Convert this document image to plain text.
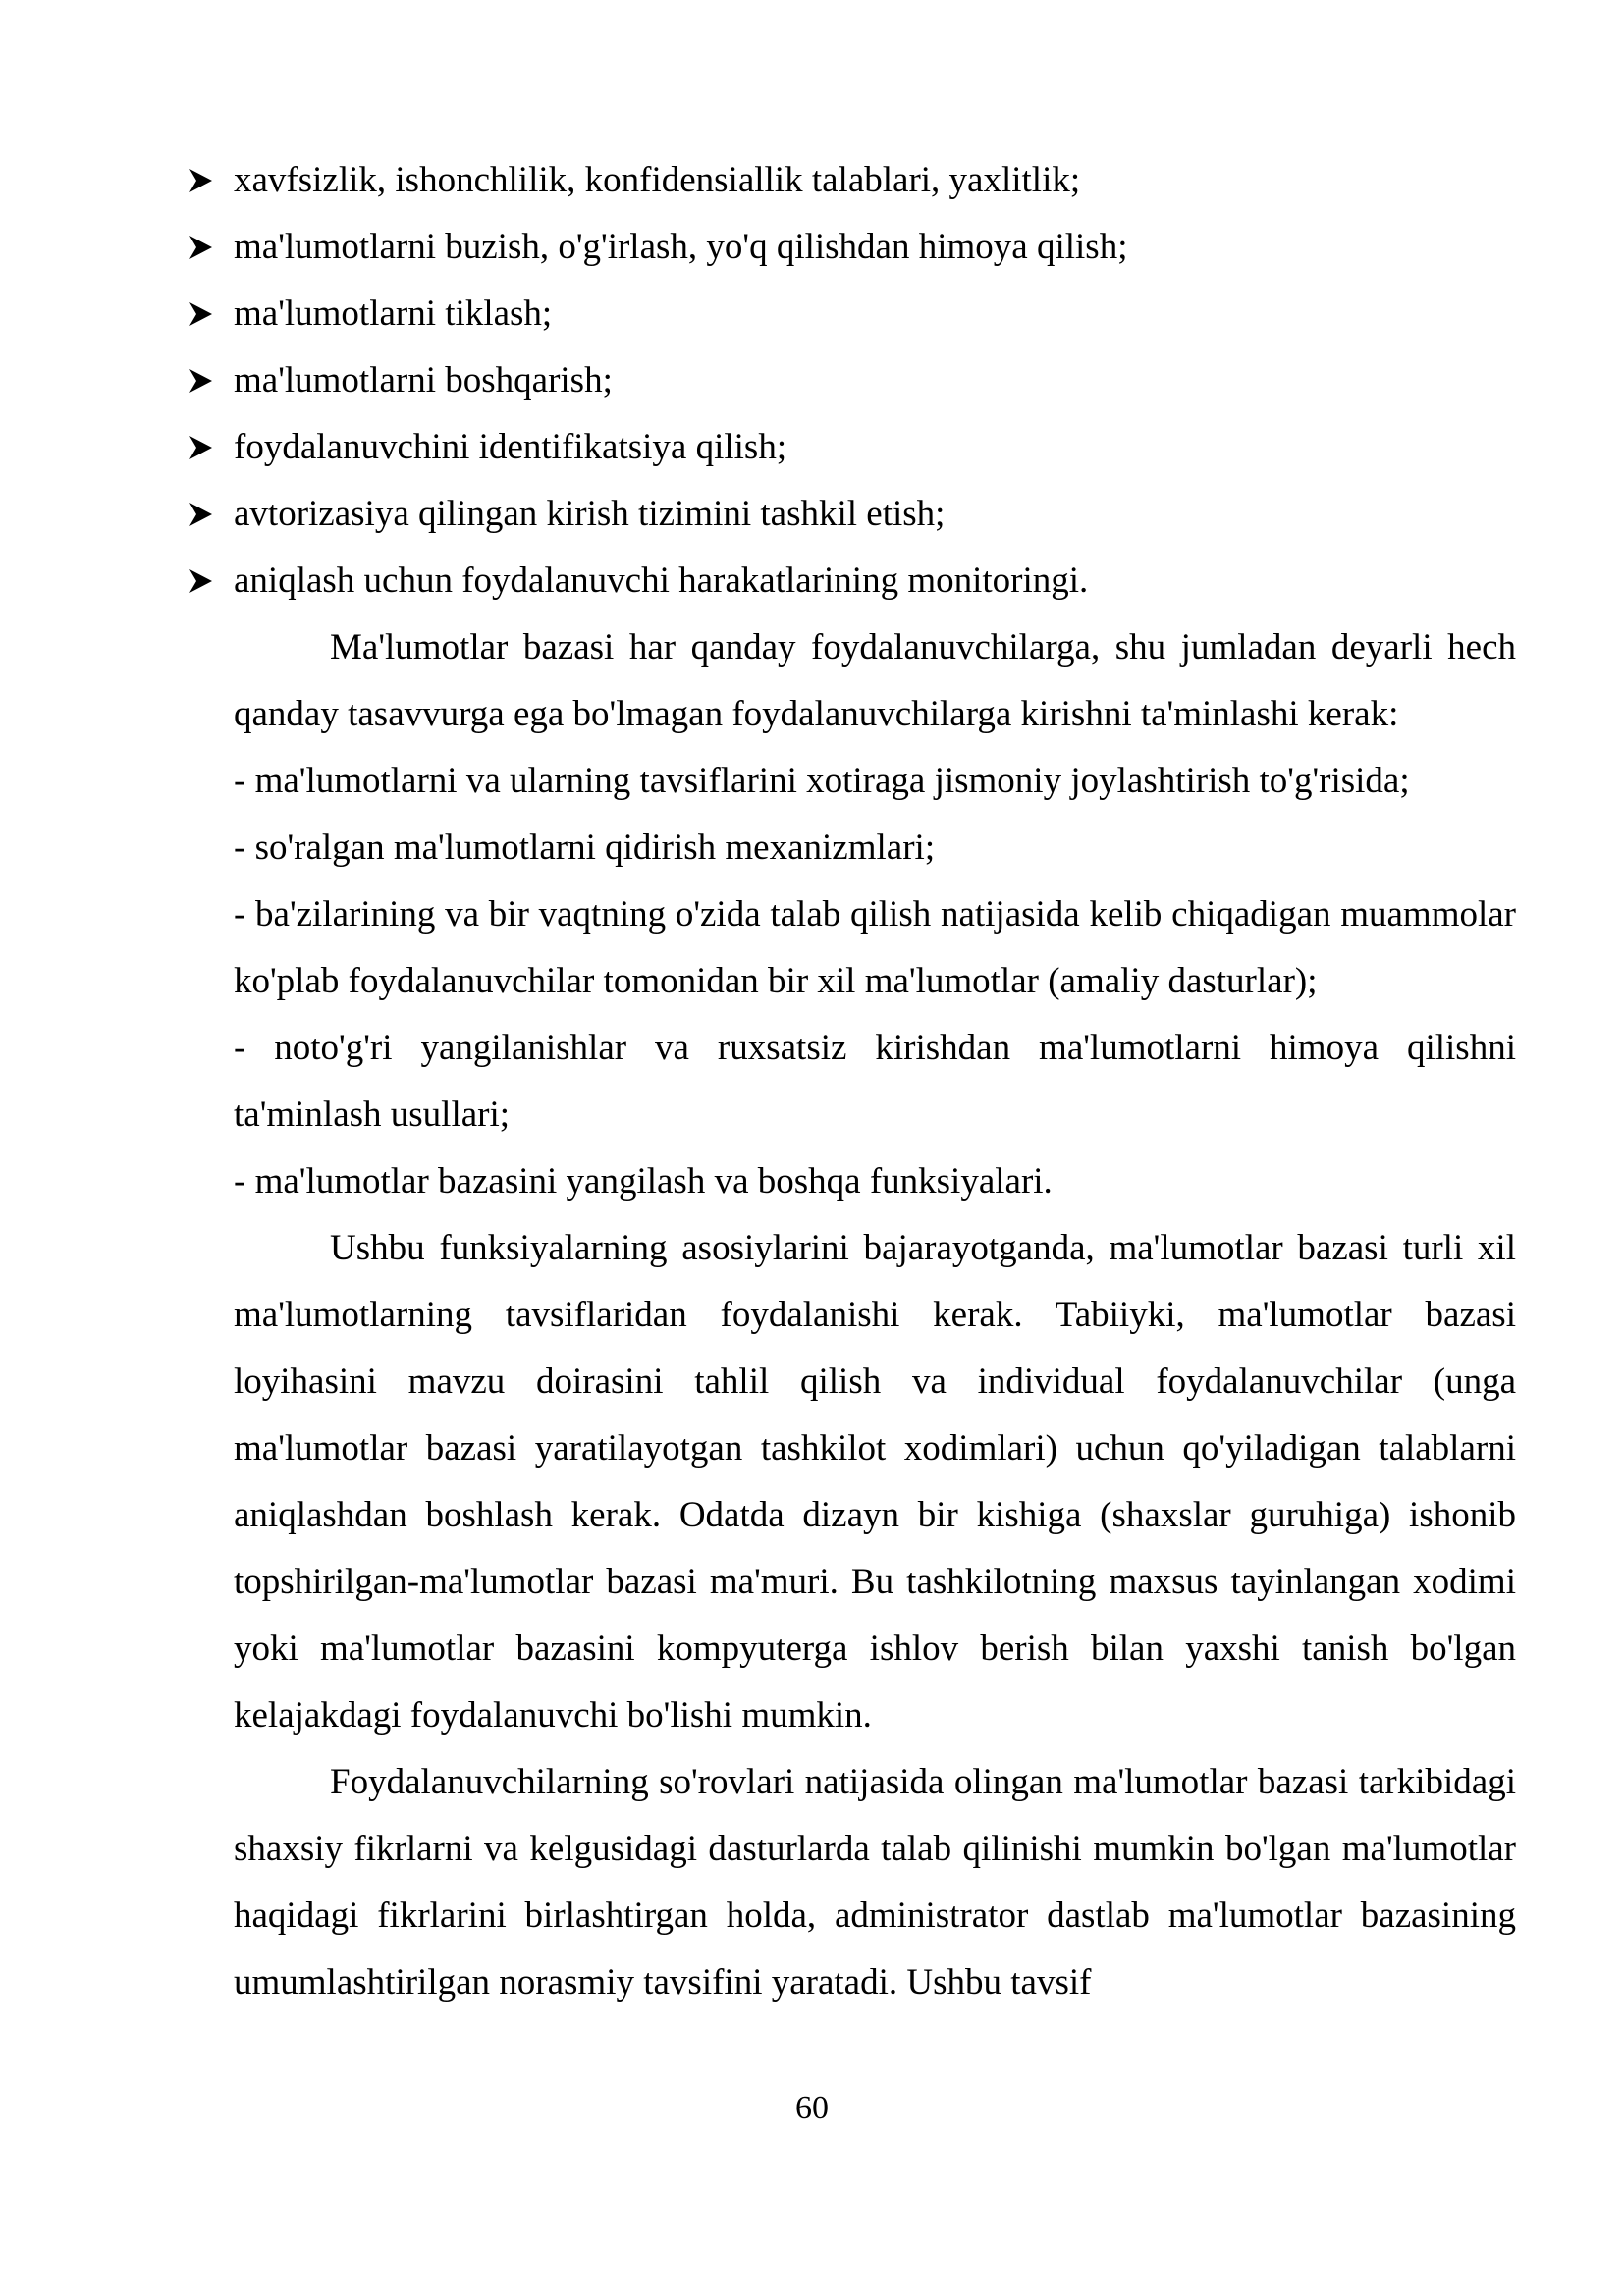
xavfsizlik, ishonchlilik, konfidensiallik talablari, yaxlitlik;
ma'lumotlarni buzish, o'g'irlash, yo'q qilishdan himoya qilish;
ma'lumotlarni tiklash;
ma'lumotlarni boshqarish;
foydalanuvchini identifikatsiya qilish;
avtorizasiya qilingan kirish tizimini tashkil etish;
aniqlash uchun foydalanuvchi harakatlarining monitoringi.

Ma'lumotlar bazasi har qanday foydalanuvchilarga, shu jumladan deyarli hech qanday tasavvurga ega bo'lmagan foydalanuvchilarga kirishni ta'minlashi kerak:

- ma'lumotlarni va ularning tavsiflarini xotiraga jismoniy joylashtirish to'g'risida;

- so'ralgan ma'lumotlarni qidirish mexanizmlari;

- ba'zilarining va bir vaqtning o'zida talab qilish natijasida kelib chiqadigan muammolar ko'plab foydalanuvchilar tomonidan bir xil ma'lumotlar (amaliy dasturlar);

- noto'g'ri yangilanishlar va ruxsatsiz kirishdan ma'lumotlarni himoya qilishni ta'minlash usullari;

- ma'lumotlar bazasini yangilash va boshqa funksiyalari.

Ushbu funksiyalarning asosiylarini bajarayotganda, ma'lumotlar bazasi turli xil ma'lumotlarning tavsiflaridan foydalanishi kerak. Tabiiyki, ma'lumotlar bazasi loyihasini mavzu doirasini tahlil qilish va individual foydalanuvchilar (unga ma'lumotlar bazasi yaratilayotgan tashkilot xodimlari) uchun qo'yiladigan talablarni aniqlashdan boshlash kerak. Odatda dizayn bir kishiga (shaxslar guruhiga) ishonib topshirilgan-ma'lumotlar bazasi ma'muri. Bu tashkilotning maxsus tayinlangan xodimi yoki ma'lumotlar bazasini kompyuterga ishlov berish bilan yaxshi tanish bo'lgan kelajakdagi foydalanuvchi bo'lishi mumkin.

Foydalanuvchilarning so'rovlari natijasida olingan ma'lumotlar bazasi tarkibidagi shaxsiy fikrlarni va kelgusidagi dasturlarda talab qilinishi mumkin bo'lgan ma'lumotlar haqidagi fikrlarini birlashtirgan holda, administrator dastlab ma'lumotlar bazasining umumlashtirilgan norasmiy tavsifini yaratadi. Ushbu tavsif

60
